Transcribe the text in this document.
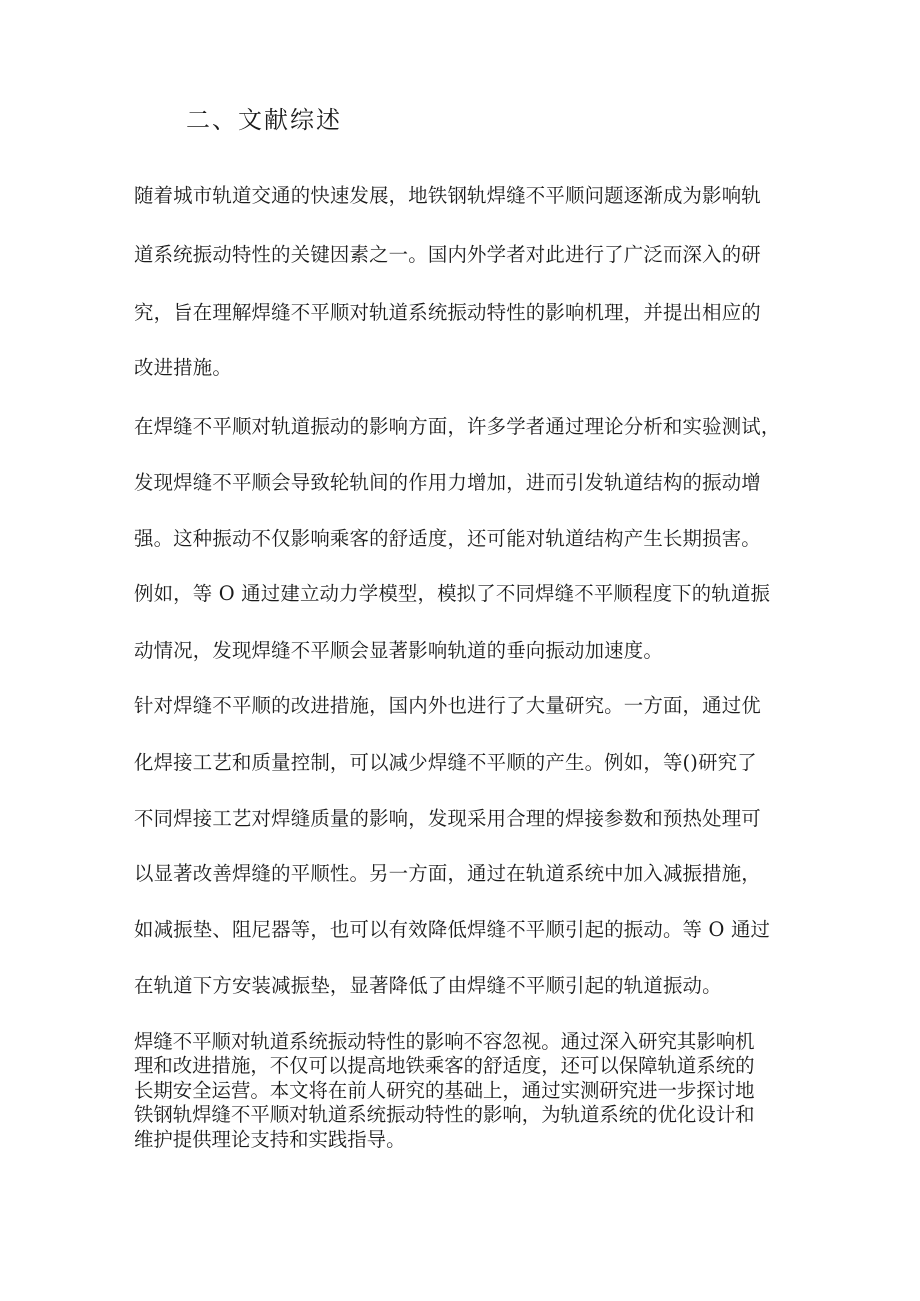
二、文献综述
随着城市轨道交通的快速发展，地铁钢轨焊缝不平顺问题逐渐成为影响轨
道系统振动特性的关键因素之一。国内外学者对此进行了广泛而深入的研
究，旨在理解焊缝不平顺对轨道系统振动特性的影响机理，并提出相应的
改进措施。
在焊缝不平顺对轨道振动的影响方面，许多学者通过理论分析和实验测试，
发现焊缝不平顺会导致轮轨间的作用力增加，进而引发轨道结构的振动增
强。这种振动不仅影响乘客的舒适度，还可能对轨道结构产生长期损害。
例如，等 O 通过建立动力学模型，模拟了不同焊缝不平顺程度下的轨道振
动情况，发现焊缝不平顺会显著影响轨道的垂向振动加速度。
针对焊缝不平顺的改进措施，国内外也进行了大量研究。一方面，通过优
化焊接工艺和质量控制，可以减少焊缝不平顺的产生。例如，等()研究了
不同焊接工艺对焊缝质量的影响，发现采用合理的焊接参数和预热处理可
以显著改善焊缝的平顺性。另一方面，通过在轨道系统中加入减振措施，
如减振垫、阻尼器等，也可以有效降低焊缝不平顺引起的振动。等 O 通过
在轨道下方安装减振垫，显著降低了由焊缝不平顺引起的轨道振动。
焊缝不平顺对轨道系统振动特性的影响不容忽视。通过深入研究其影响机
理和改进措施，不仅可以提高地铁乘客的舒适度，还可以保障轨道系统的
长期安全运营。本文将在前人研究的基础上，通过实测研究进一步探讨地
铁钢轨焊缝不平顺对轨道系统振动特性的影响，为轨道系统的优化设计和
维护提供理论支持和实践指导。
